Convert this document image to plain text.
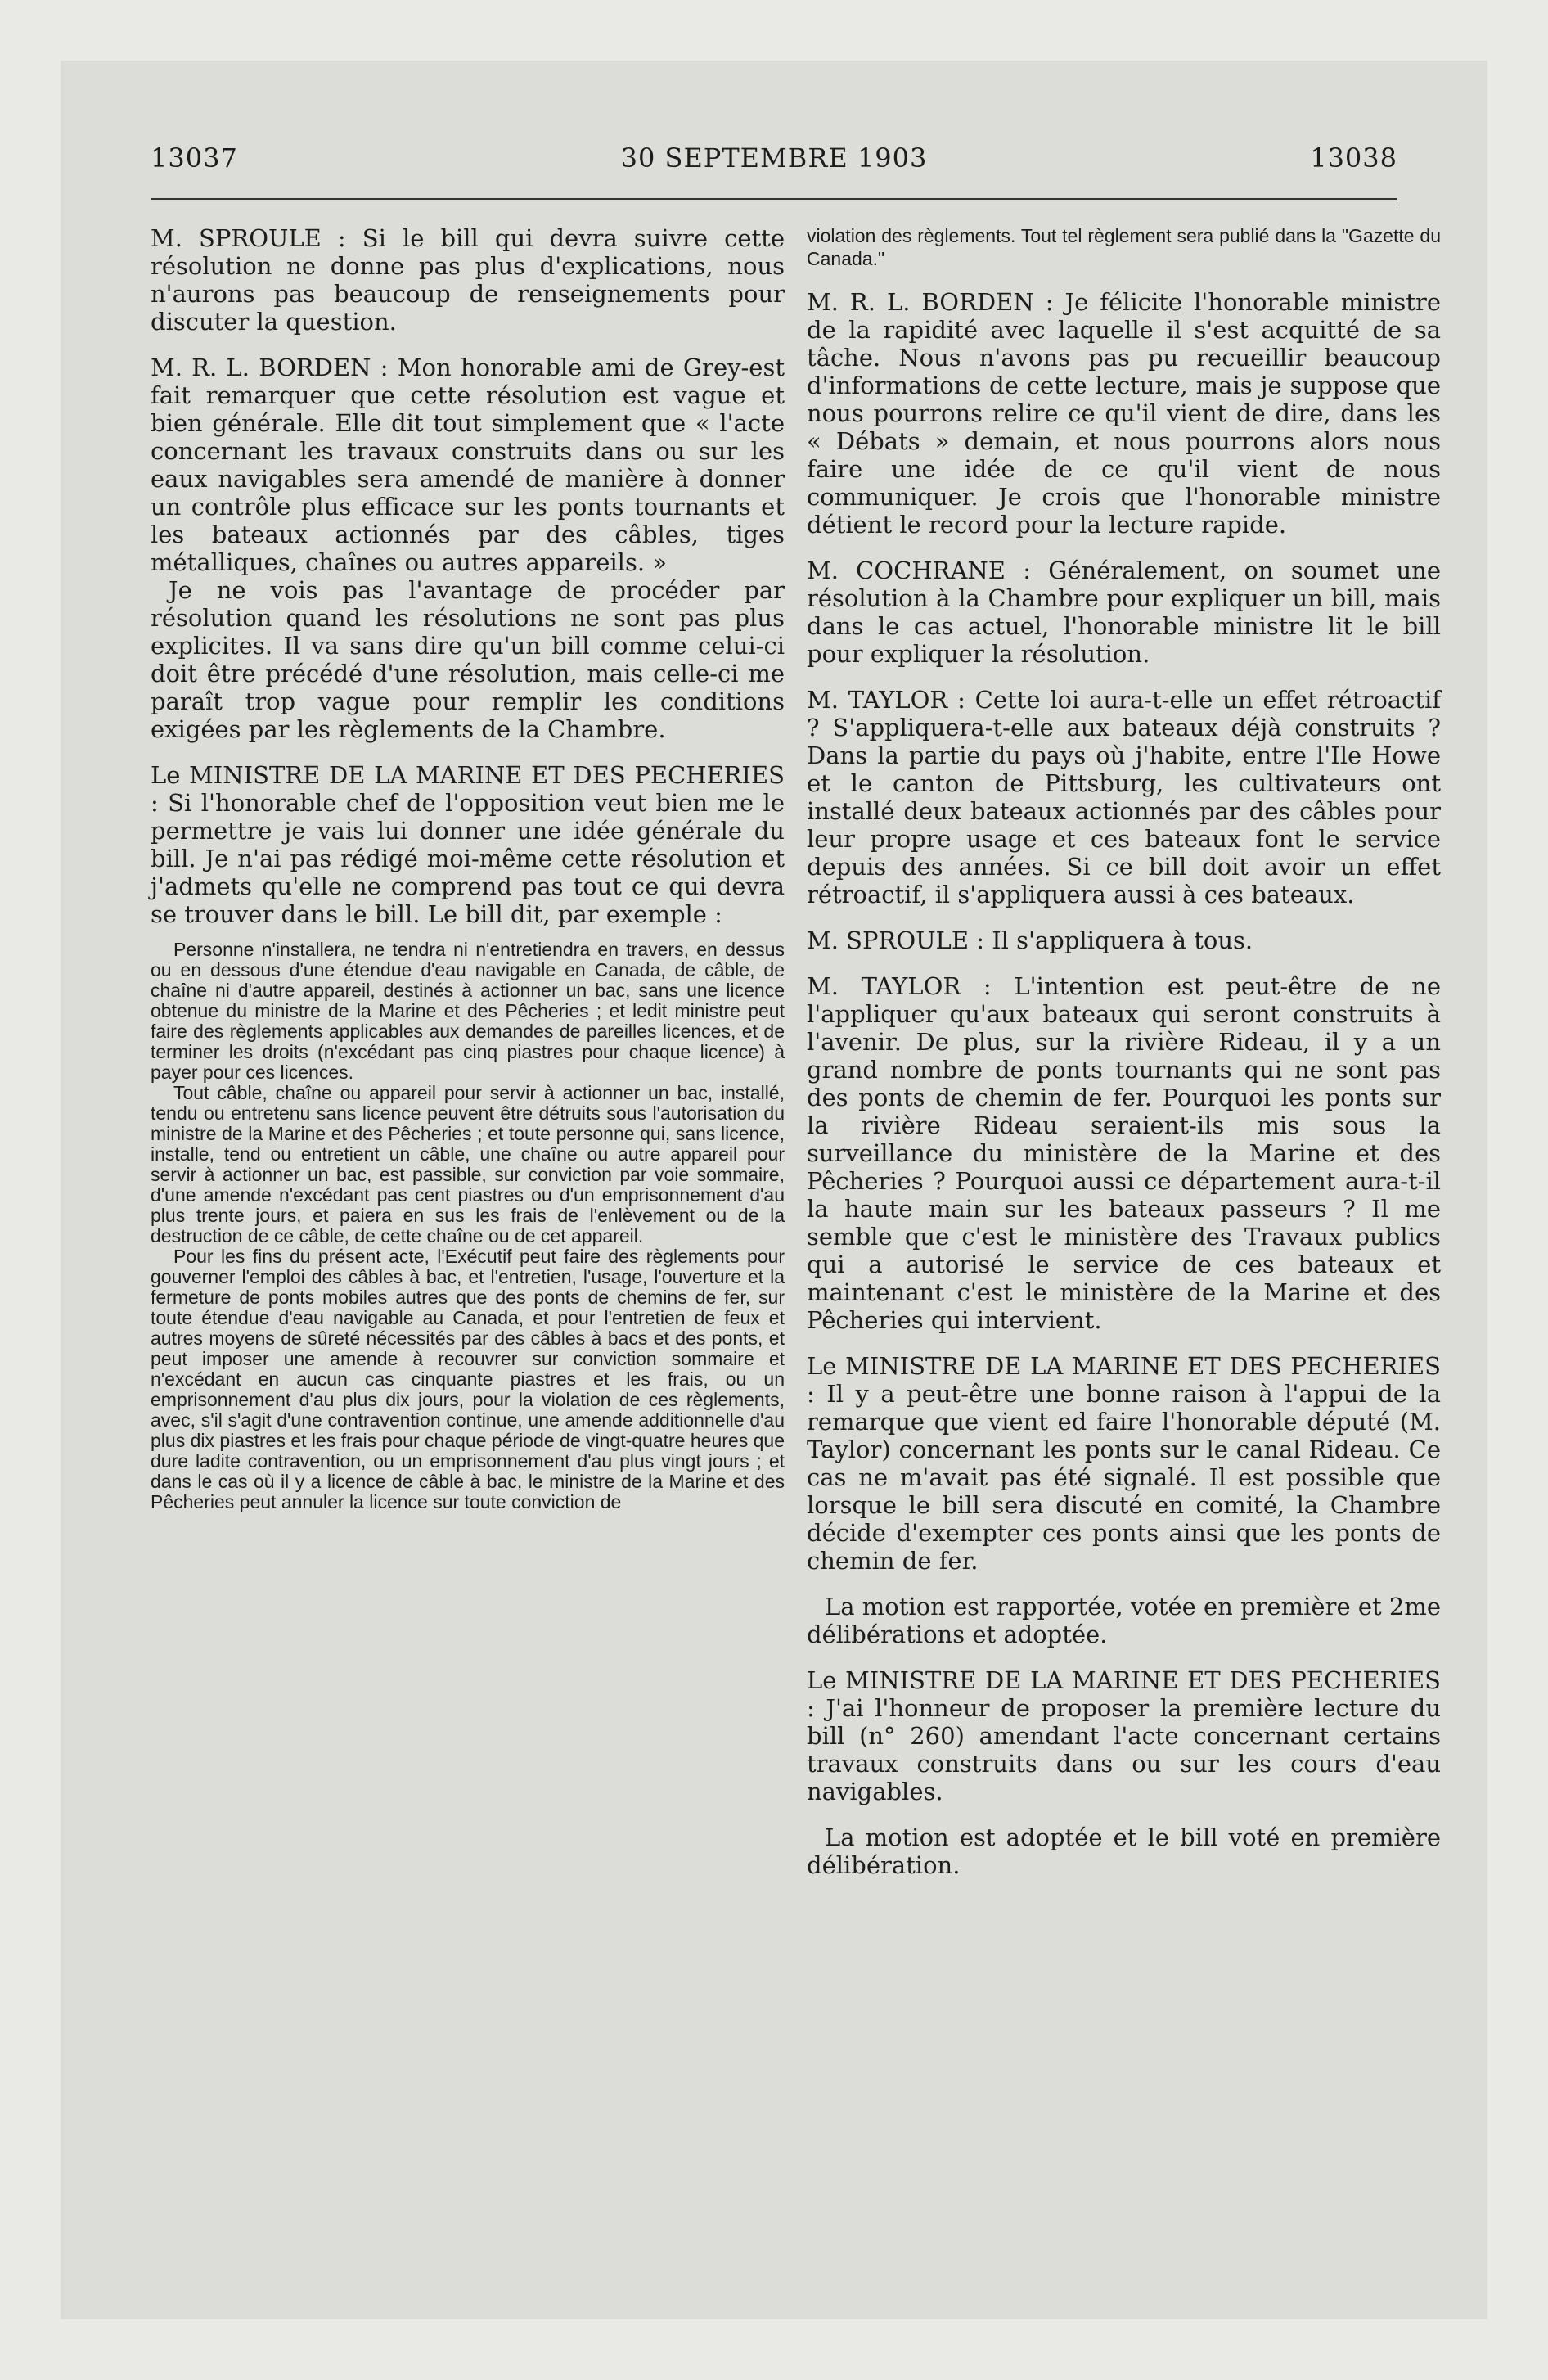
13037	30 SEPTEMBRE 1903	13038

M. SPROULE : Si le bill qui devra suivre cette résolution ne donne pas plus d'explications, nous n'aurons pas beaucoup de renseignements pour discuter la question.

M. R. L. BORDEN : Mon honorable ami de Grey-est fait remarquer que cette résolution est vague et bien générale. Elle dit tout simplement que « l'acte concernant les travaux construits dans ou sur les eaux navigables sera amendé de manière à donner un contrôle plus efficace sur les ponts tournants et les bateaux actionnés par des câbles, tiges métalliques, chaînes ou autres appareils. »

Je ne vois pas l'avantage de procéder par résolution quand les résolutions ne sont pas plus explicites. Il va sans dire qu'un bill comme celui-ci doit être précédé d'une résolution, mais celle-ci me paraît trop vague pour remplir les conditions exigées par les règlements de la Chambre.

Le MINISTRE DE LA MARINE ET DES PECHERIES : Si l'honorable chef de l'opposition veut bien me le permettre je vais lui donner une idée générale du bill. Je n'ai pas rédigé moi-même cette résolution et j'admets qu'elle ne comprend pas tout ce qui devra se trouver dans le bill. Le bill dit, par exemple :

Personne n'installera, ne tendra ni n'entretiendra en travers, en dessus ou en dessous d'une étendue d'eau navigable en Canada, de câble, de chaîne ni d'autre appareil, destinés à actionner un bac, sans une licence obtenue du ministre de la Marine et des Pêcheries ; et ledit ministre peut faire des règlements applicables aux demandes de pareilles licences, et de terminer les droits (n'excédant pas cinq piastres pour chaque licence) à payer pour ces licences.

Tout câble, chaîne ou appareil pour servir à actionner un bac, installé, tendu ou entretenu sans licence peuvent être détruits sous l'autorisation du ministre de la Marine et des Pêcheries ; et toute personne qui, sans licence, installe, tend ou entretient un câble, une chaîne ou autre appareil pour servir à actionner un bac, est passible, sur conviction par voie sommaire, d'une amende n'excédant pas cent piastres ou d'un emprisonnement d'au plus trente jours, et paiera en sus les frais de l'enlèvement ou de la destruction de ce câble, de cette chaîne ou de cet appareil.

Pour les fins du présent acte, l'Exécutif peut faire des règlements pour gouverner l'emploi des câbles à bac, et l'entretien, l'usage, l'ouverture et la fermeture de ponts mobiles autres que des ponts de chemins de fer, sur toute étendue d'eau navigable au Canada, et pour l'entretien de feux et autres moyens de sûreté nécessités par des câbles à bacs et des ponts, et peut imposer une amende à recouvrer sur conviction sommaire et n'excédant en aucun cas cinquante piastres et les frais, ou un emprisonnement d'au plus dix jours, pour la violation de ces règlements, avec, s'il s'agit d'une contravention continue, une amende additionnelle d'au plus dix piastres et les frais pour chaque période de vingt-quatre heures que dure ladite contravention, ou un emprisonnement d'au plus vingt jours ; et dans le cas où il y a licence de câble à bac, le ministre de la Marine et des Pêcheries peut annuler la licence sur toute conviction de

violation des règlements. Tout tel règlement sera publié dans la "Gazette du Canada."

M. R. L. BORDEN : Je félicite l'honorable ministre de la rapidité avec laquelle il s'est acquitté de sa tâche. Nous n'avons pas pu recueillir beaucoup d'informations de cette lecture, mais je suppose que nous pourrons relire ce qu'il vient de dire, dans les « Débats » demain, et nous pourrons alors nous faire une idée de ce qu'il vient de nous communiquer. Je crois que l'honorable ministre détient le record pour la lecture rapide.

M. COCHRANE : Généralement, on soumet une résolution à la Chambre pour expliquer un bill, mais dans le cas actuel, l'honorable ministre lit le bill pour expliquer la résolution.

M. TAYLOR : Cette loi aura-t-elle un effet rétroactif ? S'appliquera-t-elle aux bateaux déjà construits ? Dans la partie du pays où j'habite, entre l'Ile Howe et le canton de Pittsburg, les cultivateurs ont installé deux bateaux actionnés par des câbles pour leur propre usage et ces bateaux font le service depuis des années. Si ce bill doit avoir un effet rétroactif, il s'appliquera aussi à ces bateaux.

M. SPROULE : Il s'appliquera à tous.

M. TAYLOR : L'intention est peut-être de ne l'appliquer qu'aux bateaux qui seront construits à l'avenir. De plus, sur la rivière Rideau, il y a un grand nombre de ponts tournants qui ne sont pas des ponts de chemin de fer. Pourquoi les ponts sur la rivière Rideau seraient-ils mis sous la surveillance du ministère de la Marine et des Pêcheries ? Pourquoi aussi ce département aura-t-il la haute main sur les bateaux passeurs ? Il me semble que c'est le ministère des Travaux publics qui a autorisé le service de ces bateaux et maintenant c'est le ministère de la Marine et des Pêcheries qui intervient.

Le MINISTRE DE LA MARINE ET DES PECHERIES : Il y a peut-être une bonne raison à l'appui de la remarque que vient ed faire l'honorable député (M. Taylor) concernant les ponts sur le canal Rideau. Ce cas ne m'avait pas été signalé. Il est possible que lorsque le bill sera discuté en comité, la Chambre décide d'exempter ces ponts ainsi que les ponts de chemin de fer.

La motion est rapportée, votée en première et 2me délibérations et adoptée.

Le MINISTRE DE LA MARINE ET DES PECHERIES : J'ai l'honneur de proposer la première lecture du bill (n° 260) amendant l'acte concernant certains travaux construits dans ou sur les cours d'eau navigables.

La motion est adoptée et le bill voté en première délibération.
